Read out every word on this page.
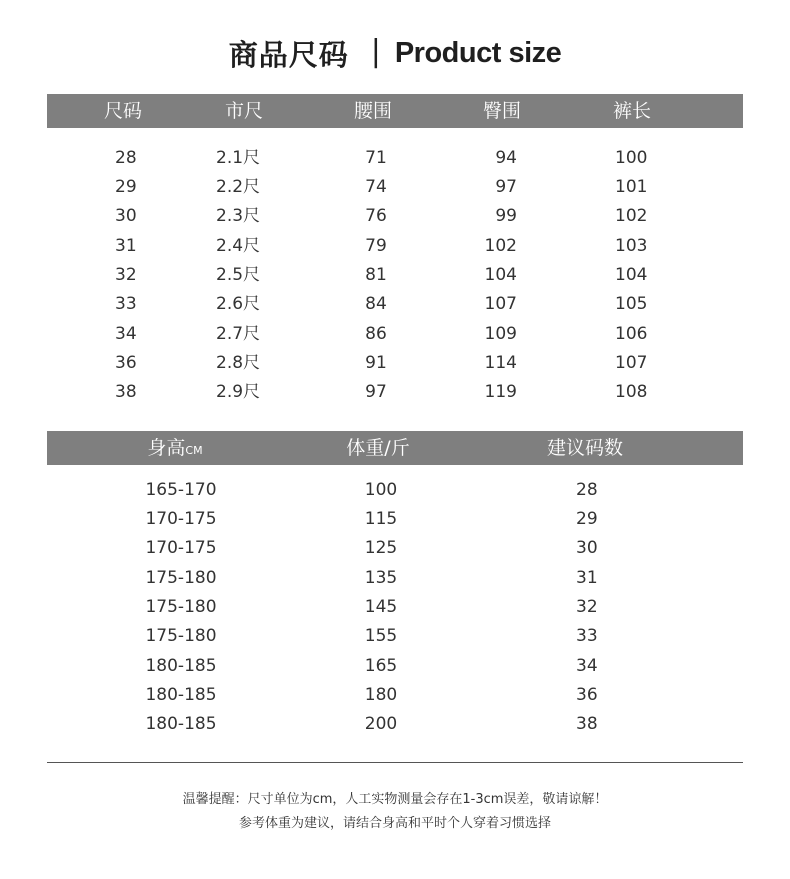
商品尺码 | Product size
尺码	市尺	腰围	臀围	裤长
28	2.1尺	71	94	100
29	2.2尺	74	97	101
30	2.3尺	76	99	102
31	2.4尺	79	102	103
32	2.5尺	81	104	104
33	2.6尺	84	107	105
34	2.7尺	86	109	106
36	2.8尺	91	114	107
38	2.9尺	97	119	108
身高CM	体重/斤	建议码数
165-170	100	28
170-175	115	29
170-175	125	30
175-180	135	31
175-180	145	32
175-180	155	33
180-185	165	34
180-185	180	36
180-185	200	38
温馨提醒：尺寸单位为cm，人工实物测量会存在1-3cm误差，敬请谅解！
参考体重为建议，请结合身高和平时个人穿着习惯选择
